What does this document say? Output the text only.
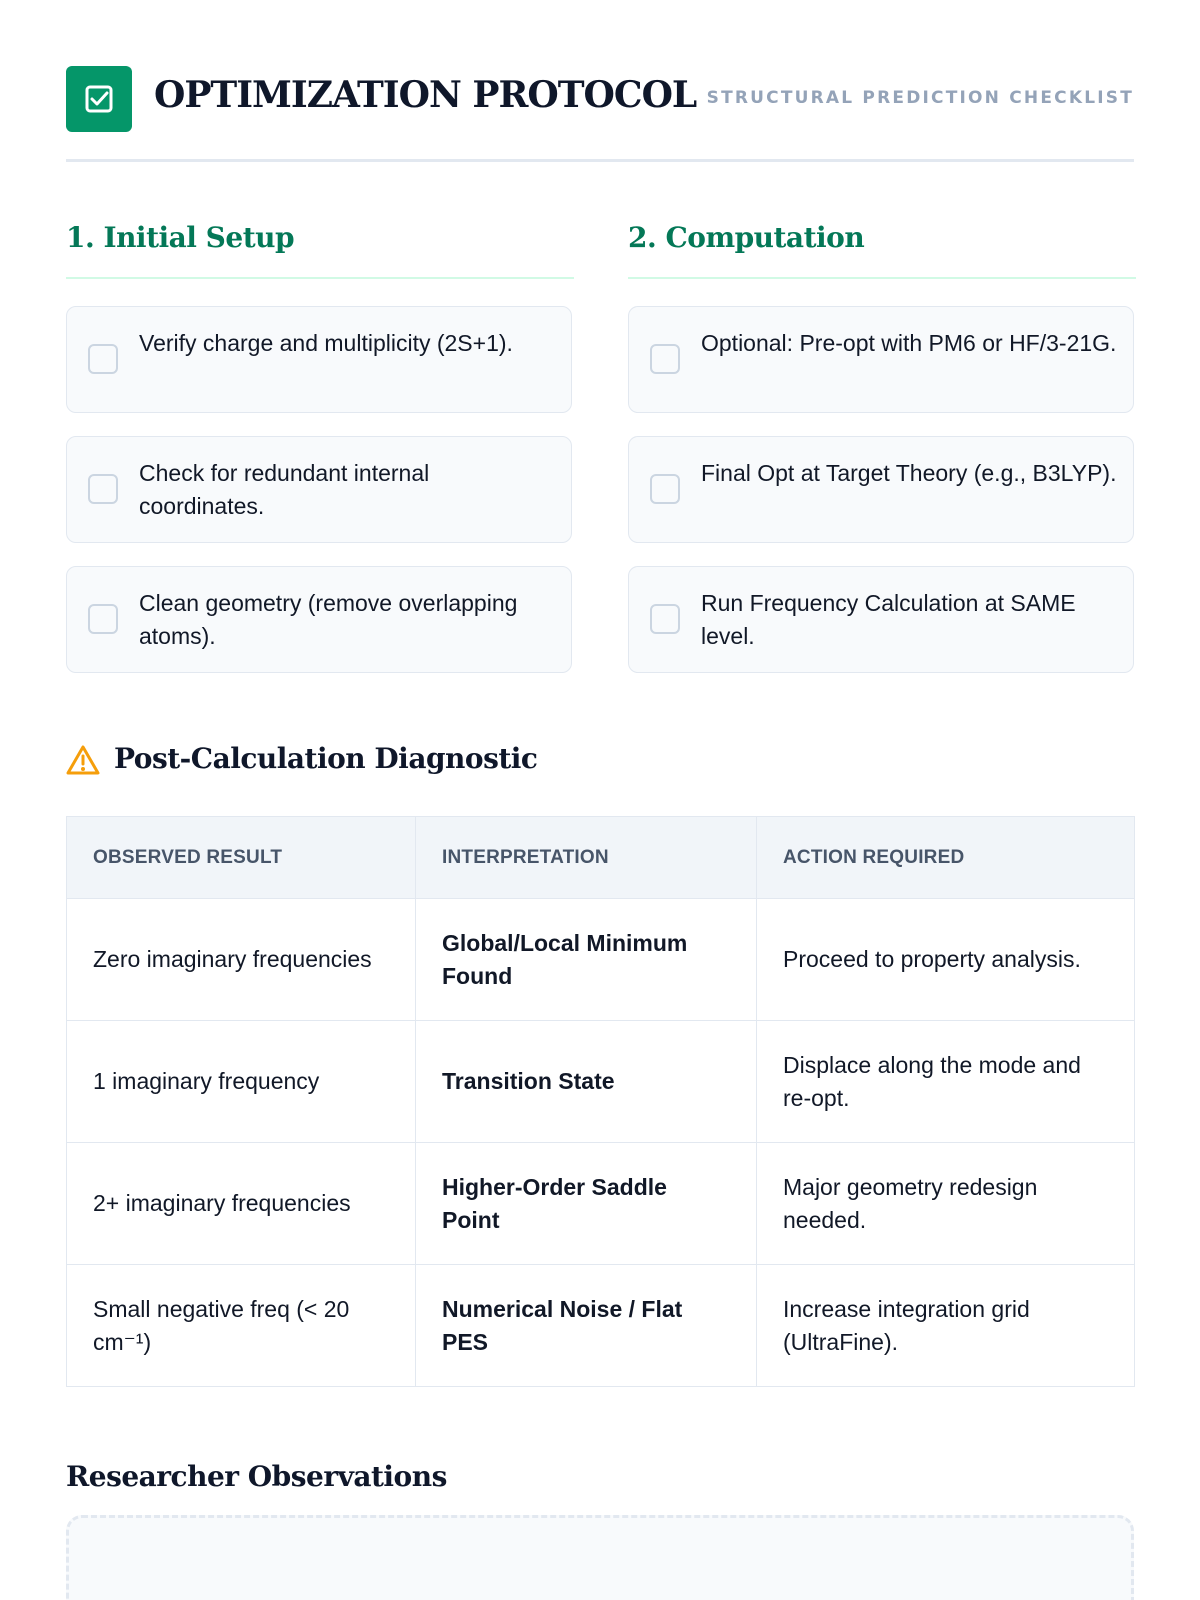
OPTIMIZATION PROTOCOL STRUCTURAL PREDICTION CHECKLIST
1. Initial Setup
Verify charge and multiplicity (2S+1).
Check for redundant internal coordinates.
Clean geometry (remove overlapping atoms).
2. Computation
Optional: Pre-opt with PM6 or HF/3-21G.
Final Opt at Target Theory (e.g., B3LYP).
Run Frequency Calculation at SAME level.
Post-Calculation Diagnostic
OBSERVED RESULT	INTERPRETATION	ACTION REQUIRED
Zero imaginary frequencies	Global/Local Minimum Found	Proceed to property analysis.
1 imaginary frequency	Transition State	Displace along the mode and re-opt.
2+ imaginary frequencies	Higher-Order Saddle Point	Major geometry redesign needed.
Small negative freq (< 20 cm⁻¹)	Numerical Noise / Flat PES	Increase integration grid (UltraFine).
Researcher Observations
